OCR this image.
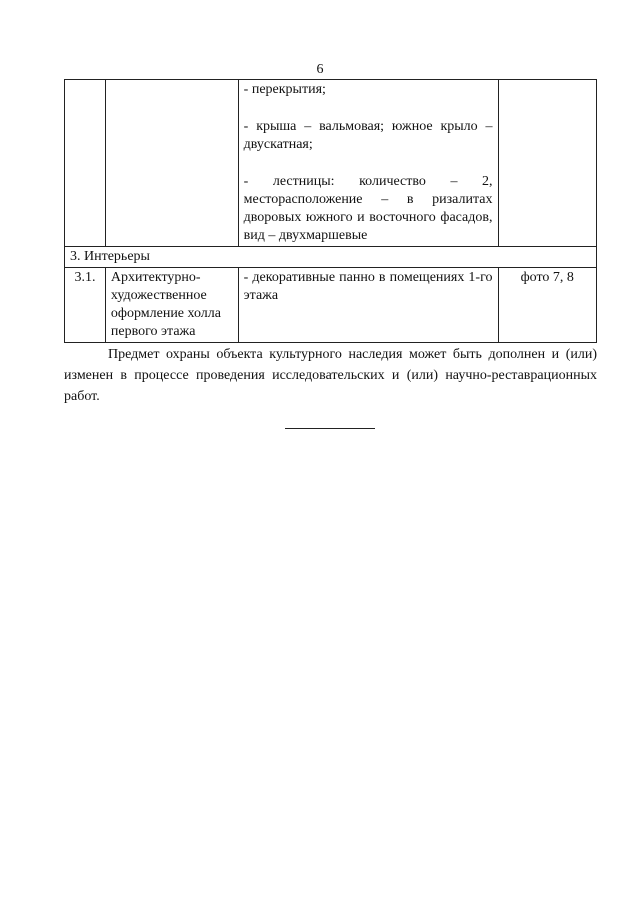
6

		- перекрытия;

- крыша – вальмовая; южное крыло – двускатная;

- лестницы: количество – 2, месторасположение – в ризалитах дворовых южного и восточного фасадов, вид – двухмаршевые	

3. Интерьеры			
3.1.	Архитектурно-художественное оформление холла первого этажа	- декоративные панно в помещениях 1-го этажа	фото 7, 8

Предмет охраны объекта культурного наследия может быть дополнен и (или) изменен в процессе проведения исследовательских и (или) научно-реставрационных работ.
